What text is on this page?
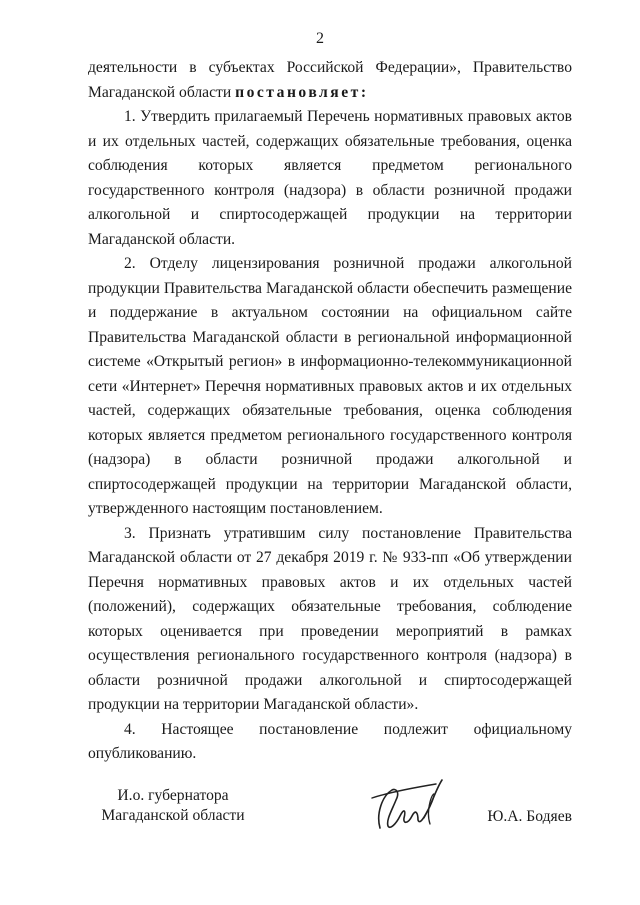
2

деятельности в субъектах Российской Федерации», Правительство Магаданской области постановляет:

1. Утвердить прилагаемый Перечень нормативных правовых актов и их отдельных частей, содержащих обязательные требования, оценка соблюдения которых является предметом регионального государственного контроля (надзора) в области розничной продажи алкогольной и спиртосодержащей продукции на территории Магаданской области.

2. Отделу лицензирования розничной продажи алкогольной продукции Правительства Магаданской области обеспечить размещение и поддержание в актуальном состоянии на официальном сайте Правительства Магаданской области в региональной информационной системе «Открытый регион» в информационно-телекоммуникационной сети «Интернет» Перечня нормативных правовых актов и их отдельных частей, содержащих обязательные требования, оценка соблюдения которых является предметом регионального государственного контроля (надзора) в области розничной продажи алкогольной и спиртосодержащей продукции на территории Магаданской области, утвержденного настоящим постановлением.

3. Признать утратившим силу постановление Правительства Магаданской области от 27 декабря 2019 г. № 933-пп «Об утверждении Перечня нормативных правовых актов и их отдельных частей (положений), содержащих обязательные требования, соблюдение которых оценивается при проведении мероприятий в рамках осуществления регионального государственного контроля (надзора) в области розничной продажи алкогольной и спиртосодержащей продукции на территории Магаданской области».

4. Настоящее постановление подлежит официальному опубликованию.

И.о. губернатора
Магаданской области	Ю.А. Бодяев
